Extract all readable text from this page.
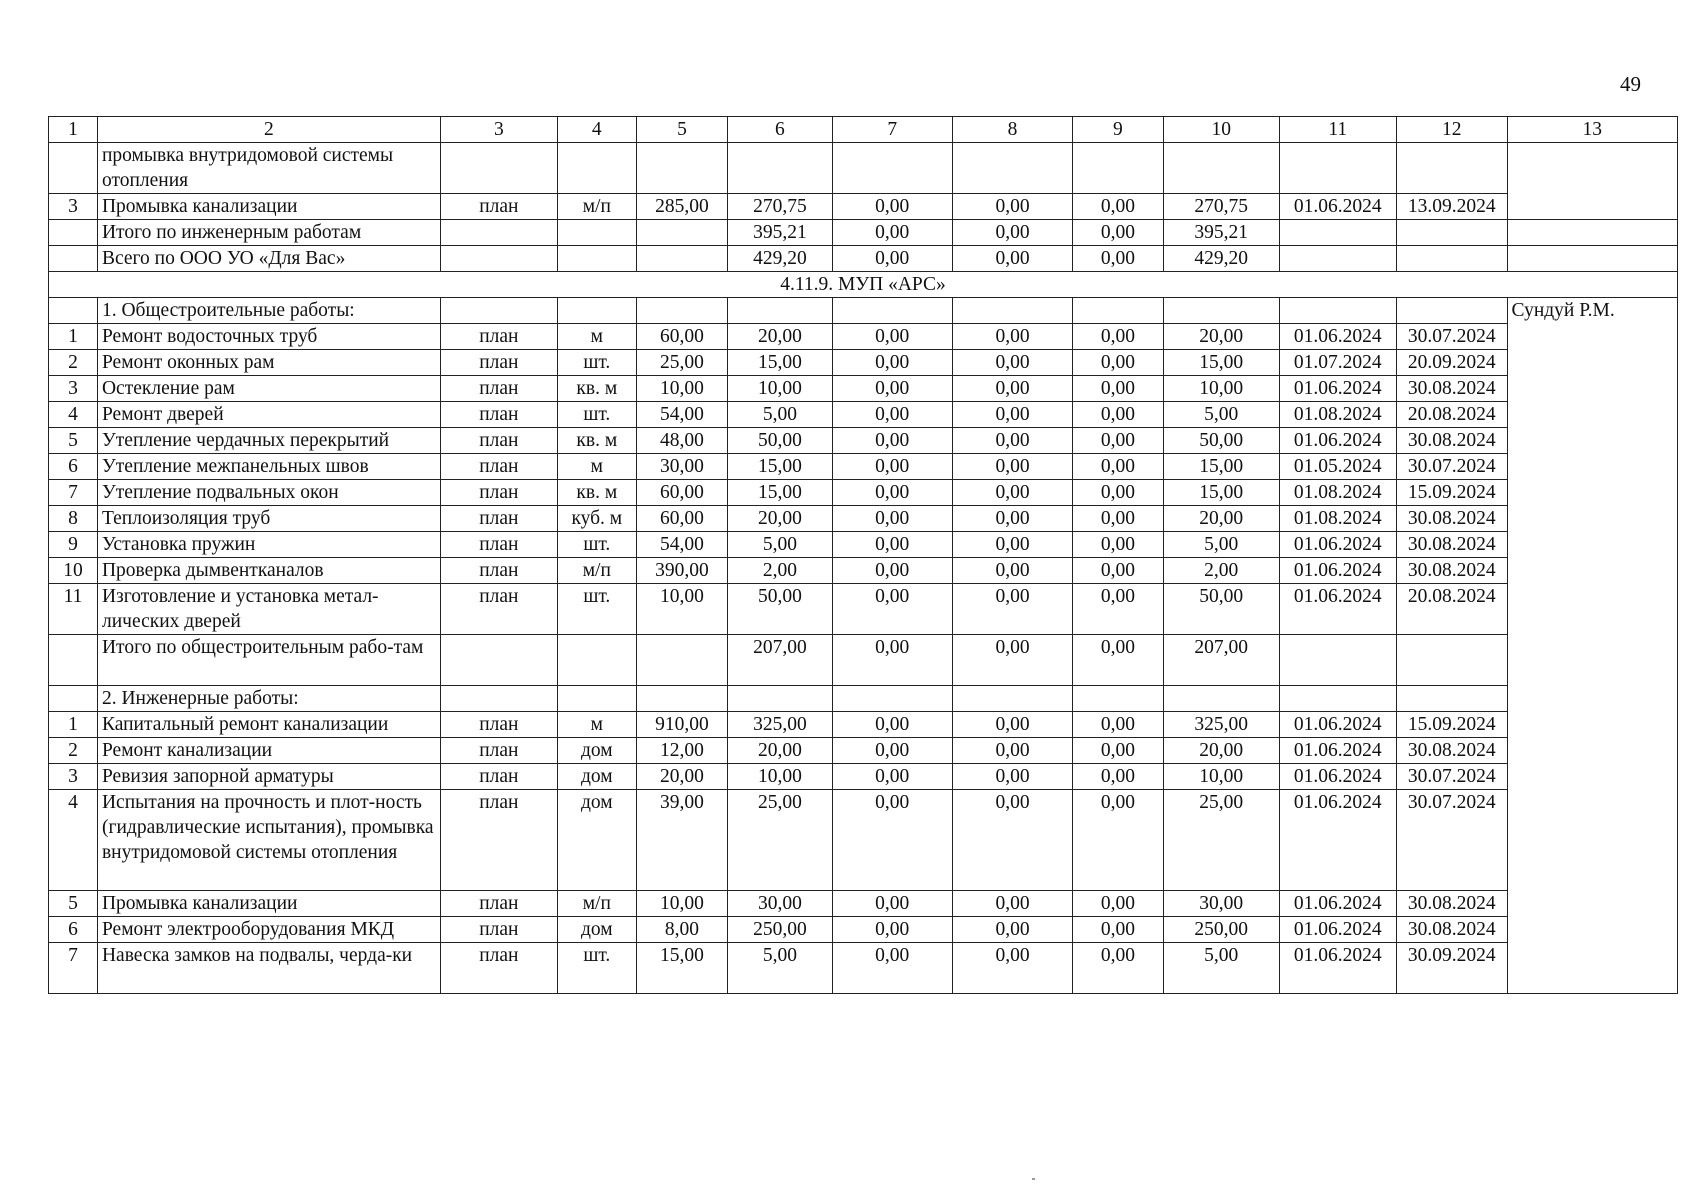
49
1	2	3	4	5	6	7	8	9	10	11	12	13
	промывка внутридомовой системы отопления											
3	Промывка канализации	план	м/п	285,00	270,75	0,00	0,00	0,00	270,75	01.06.2024	13.09.2024	
	Итого по инженерным работам				395,21	0,00	0,00	0,00	395,21			
	Всего по ООО УО «Для Вас»				429,20	0,00	0,00	0,00	429,20			
4.11.9. МУП «АРС»												
	1. Общестроительные работы:											Сундуй Р.М.
1	Ремонт водосточных труб	план	м	60,00	20,00	0,00	0,00	0,00	20,00	01.06.2024	30.07.2024	
2	Ремонт оконных рам	план	шт.	25,00	15,00	0,00	0,00	0,00	15,00	01.07.2024	20.09.2024	
3	Остекление рам	план	кв. м	10,00	10,00	0,00	0,00	0,00	10,00	01.06.2024	30.08.2024	
4	Ремонт дверей	план	шт.	54,00	5,00	0,00	0,00	0,00	5,00	01.08.2024	20.08.2024	
5	Утепление чердачных перекрытий	план	кв. м	48,00	50,00	0,00	0,00	0,00	50,00	01.06.2024	30.08.2024	
6	Утепление межпанельных швов	план	м	30,00	15,00	0,00	0,00	0,00	15,00	01.05.2024	30.07.2024	
7	Утепление подвальных окон	план	кв. м	60,00	15,00	0,00	0,00	0,00	15,00	01.08.2024	15.09.2024	
8	Теплоизоляция труб	план	куб. м	60,00	20,00	0,00	0,00	0,00	20,00	01.08.2024	30.08.2024	
9	Установка пружин	план	шт.	54,00	5,00	0,00	0,00	0,00	5,00	01.06.2024	30.08.2024	
10	Проверка дымвентканалов	план	м/п	390,00	2,00	0,00	0,00	0,00	2,00	01.06.2024	30.08.2024	
11	Изготовление и установка метал-лических дверей	план	шт.	10,00	50,00	0,00	0,00	0,00	50,00	01.06.2024	20.08.2024	
	Итого по общестроительным рабо-там				207,00	0,00	0,00	0,00	207,00			
	2. Инженерные работы:											
1	Капитальный ремонт канализации	план	м	910,00	325,00	0,00	0,00	0,00	325,00	01.06.2024	15.09.2024	
2	Ремонт канализации	план	дом	12,00	20,00	0,00	0,00	0,00	20,00	01.06.2024	30.08.2024	
3	Ревизия запорной арматуры	план	дом	20,00	10,00	0,00	0,00	0,00	10,00	01.06.2024	30.07.2024	
4	Испытания на прочность и плот-ность (гидравлические испытания), промывка внутридомовой системы отопления	план	дом	39,00	25,00	0,00	0,00	0,00	25,00	01.06.2024	30.07.2024	
5	Промывка канализации	план	м/п	10,00	30,00	0,00	0,00	0,00	30,00	01.06.2024	30.08.2024	
6	Ремонт электрооборудования МКД	план	дом	8,00	250,00	0,00	0,00	0,00	250,00	01.06.2024	30.08.2024	
7	Навеска замков на подвалы, черда-ки	план	шт.	15,00	5,00	0,00	0,00	0,00	5,00	01.06.2024	30.09.2024	
